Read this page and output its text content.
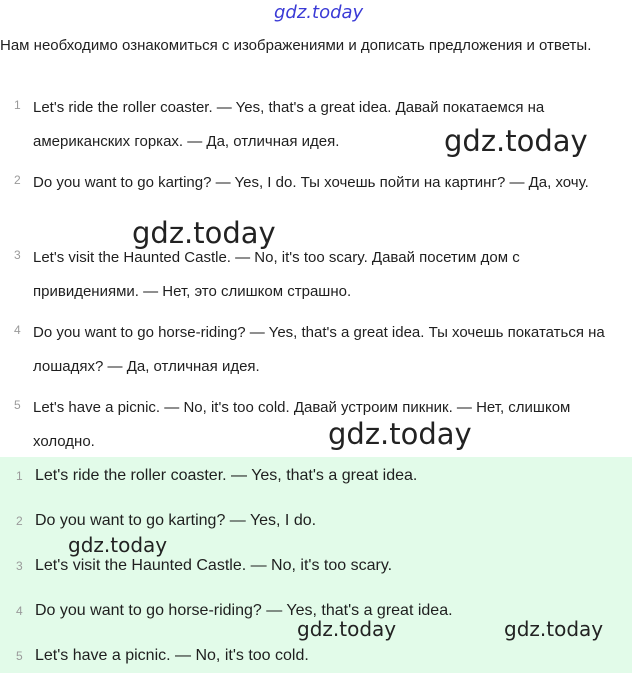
gdz.today
Нам необходимо ознакомиться с изображениями и дописать предложения и ответы.
1 Let's ride the roller coaster. — Yes, that's a great idea. Давай покатаемся на американских горках. — Да, отличная идея.
2 Do you want to go karting? — Yes, I do. Ты хочешь пойти на картинг? — Да, хочу.
3 Let's visit the Haunted Castle. — No, it's too scary. Давай посетим дом с привидениями. — Нет, это слишком страшно.
4 Do you want to go horse-riding? — Yes, that's a great idea. Ты хочешь покататься на лошадях? — Да, отличная идея.
5 Let's have a picnic. — No, it's too cold. Давай устроим пикник. — Нет, слишком холодно.
1 Let's ride the roller coaster. — Yes, that's a great idea.
2 Do you want to go karting? — Yes, I do.
3 Let's visit the Haunted Castle. — No, it's too scary.
4 Do you want to go horse-riding? — Yes, that's a great idea.
5 Let's have a picnic. — No, it's too cold.
gdz.today
gdz.today
gdz.today
gdz.today
gdz.today	gdz.today
